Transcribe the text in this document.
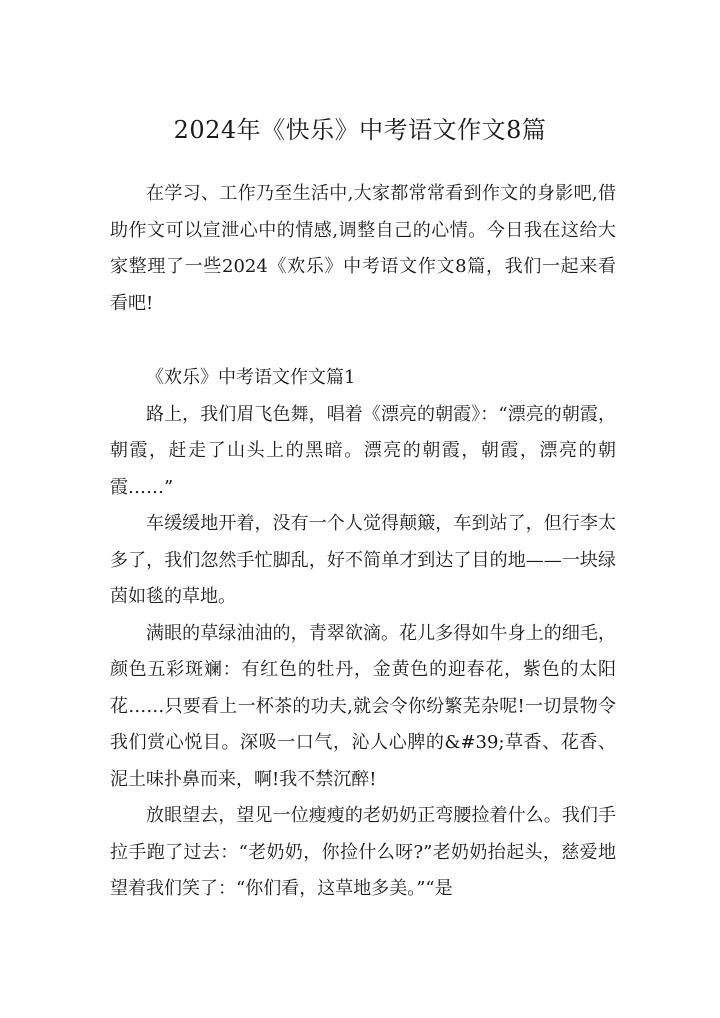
2024年《快乐》中考语文作文8篇

在学习、工作乃至生活中,大家都常常看到作文的身影吧,借助作文可以宣泄心中的情感,调整自己的心情。今日我在这给大家整理了一些2024《欢乐》中考语文作文8篇，我们一起来看看吧!

《欢乐》中考语文作文篇1

路上，我们眉飞色舞，唱着《漂亮的朝霞》：“漂亮的朝霞，朝霞，赶走了山头上的黑暗。漂亮的朝霞，朝霞，漂亮的朝霞……”

车缓缓地开着，没有一个人觉得颠簸，车到站了，但行李太多了，我们忽然手忙脚乱，好不简单才到达了目的地——一块绿茵如毯的草地。

满眼的草绿油油的，青翠欲滴。花儿多得如牛身上的细毛，颜色五彩斑斓：有红色的牡丹，金黄色的迎春花，紫色的太阳花……只要看上一杯茶的功夫,就会令你纷繁芜杂呢!一切景物令我们赏心悦目。深吸一口气，沁人心脾的&#39;草香、花香、泥土味扑鼻而来，啊!我不禁沉醉!

放眼望去，望见一位瘦瘦的老奶奶正弯腰捡着什么。我们手拉手跑了过去：“老奶奶，你捡什么呀?”老奶奶抬起头，慈爱地望着我们笑了：“你们看，这草地多美。”“是
